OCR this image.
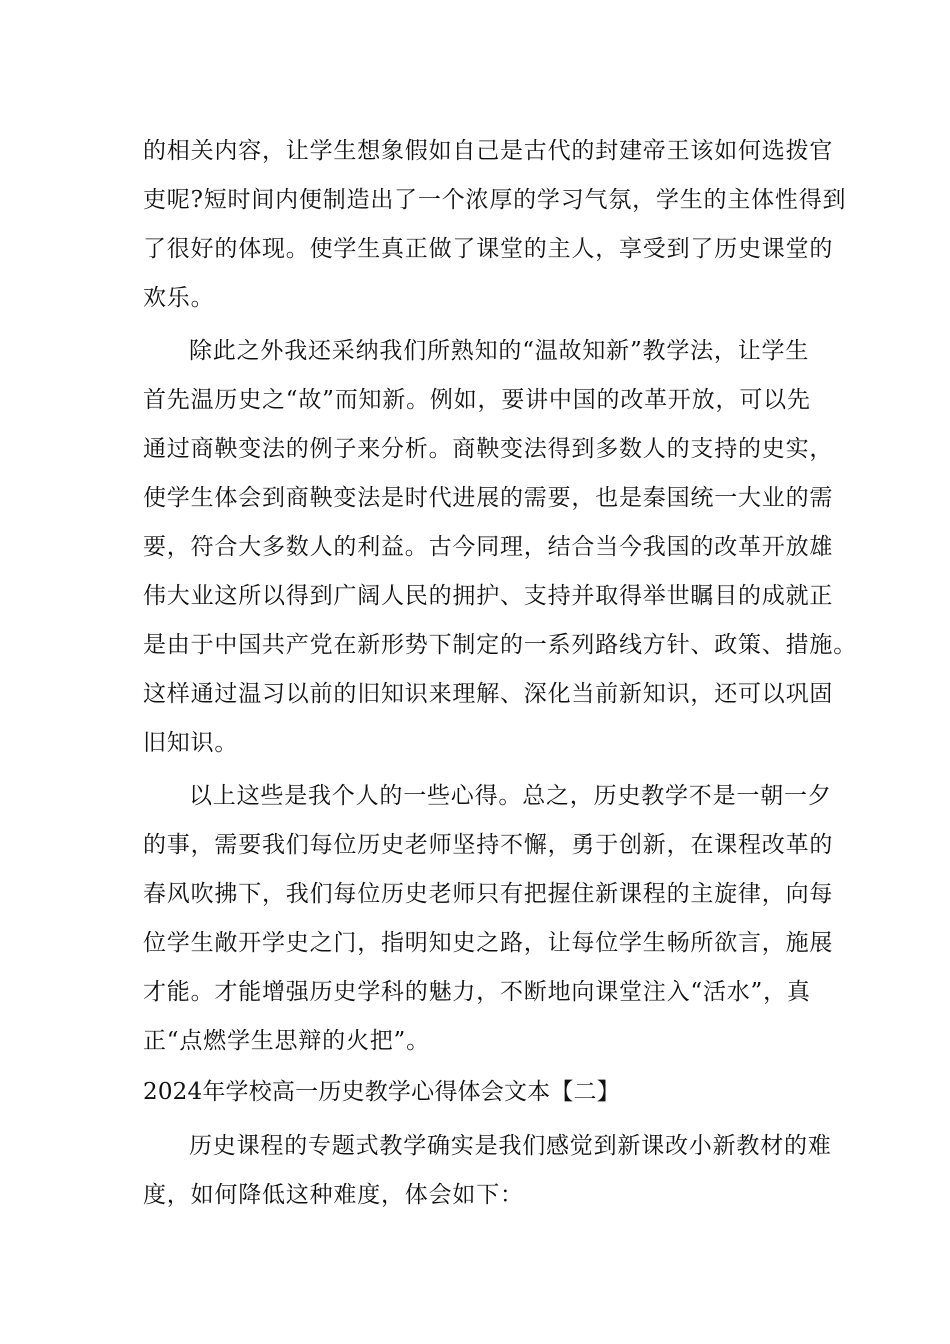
的相关内容，让学生想象假如自己是古代的封建帝王该如何选拨官
吏呢?短时间内便制造出了一个浓厚的学习气氛，学生的主体性得到
了很好的体现。使学生真正做了课堂的主人，享受到了历史课堂的
欢乐。
除此之外我还采纳我们所熟知的“温故知新”教学法，让学生
首先温历史之“故”而知新。例如，要讲中国的改革开放，可以先
通过商鞅变法的例子来分析。商鞅变法得到多数人的支持的史实，
使学生体会到商鞅变法是时代进展的需要，也是秦国统一大业的需
要，符合大多数人的利益。古今同理，结合当今我国的改革开放雄
伟大业这所以得到广阔人民的拥护、支持并取得举世瞩目的成就正
是由于中国共产党在新形势下制定的一系列路线方针、政策、措施。
这样通过温习以前的旧知识来理解、深化当前新知识，还可以巩固
旧知识。
以上这些是我个人的一些心得。总之，历史教学不是一朝一夕
的事，需要我们每位历史老师坚持不懈，勇于创新，在课程改革的
春风吹拂下，我们每位历史老师只有把握住新课程的主旋律，向每
位学生敞开学史之门，指明知史之路，让每位学生畅所欲言，施展
才能。才能增强历史学科的魅力，不断地向课堂注入“活水”，真
正“点燃学生思辩的火把”。
2024年学校高一历史教学心得体会文本【二】
历史课程的专题式教学确实是我们感觉到新课改小新教材的难
度，如何降低这种难度，体会如下：
